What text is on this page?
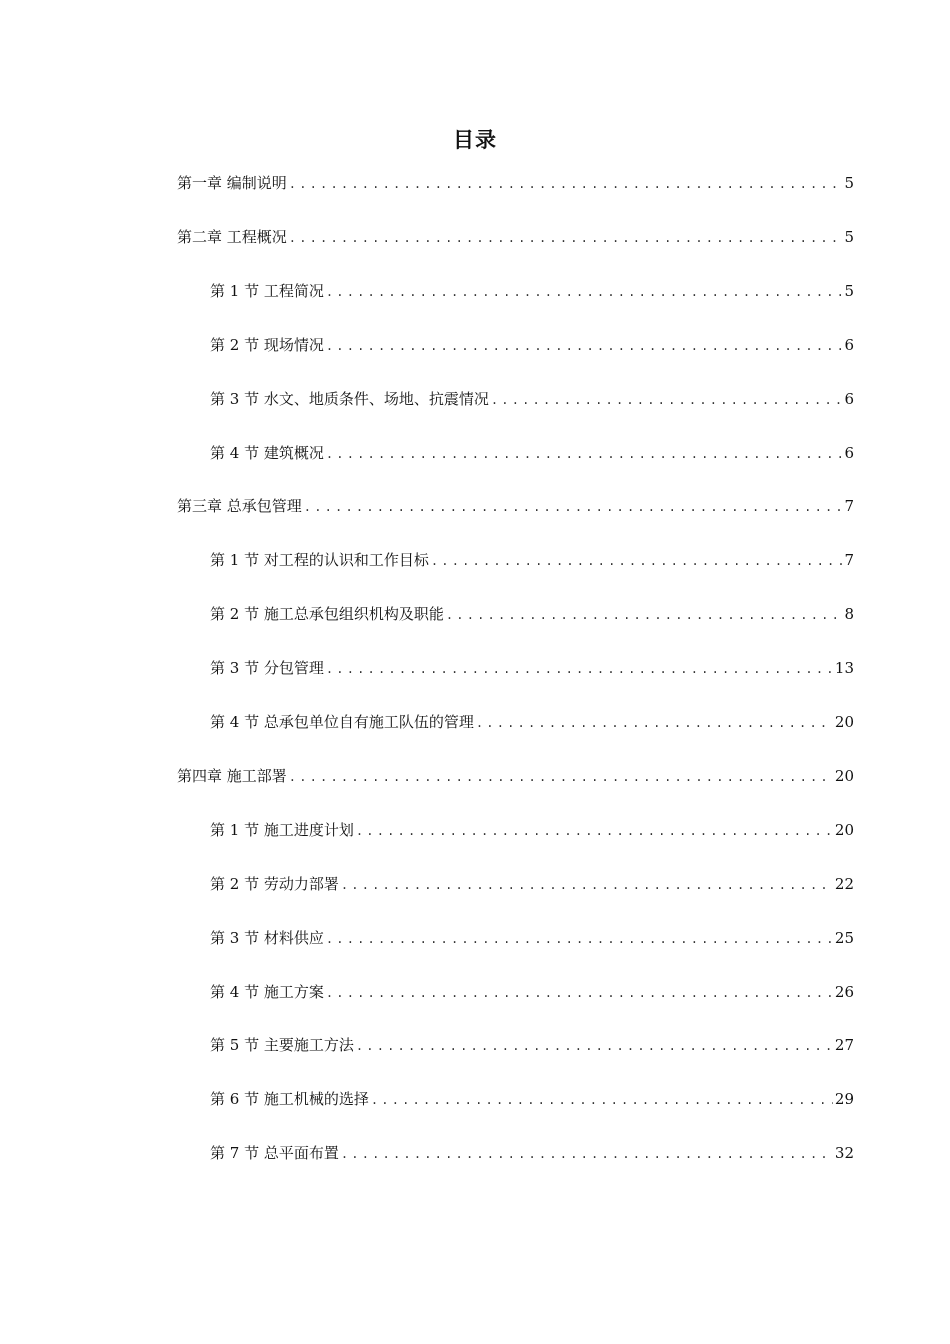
目录
第一章 编制说明 .....	5
第二章 工程概况 .....	5
第 1 节 工程简况 .....	5
第 2 节 现场情况 .....	6
第 3 节 水文、地质条件、场地、抗震情况 .....	6
第 4 节 建筑概况 .....	6
第三章 总承包管理 .....	7
第 1 节 对工程的认识和工作目标 .....	7
第 2 节 施工总承包组织机构及职能 .....	8
第 3 节 分包管理 .....	13
第 4 节 总承包单位自有施工队伍的管理 .....	20
第四章 施工部署 .....	20
第 1 节 施工进度计划 .....	20
第 2 节 劳动力部署 .....	22
第 3 节 材料供应 .....	25
第 4 节 施工方案 .....	26
第 5 节 主要施工方法 .....	27
第 6 节 施工机械的选择 .....	29
第 7 节 总平面布置 .....	32
